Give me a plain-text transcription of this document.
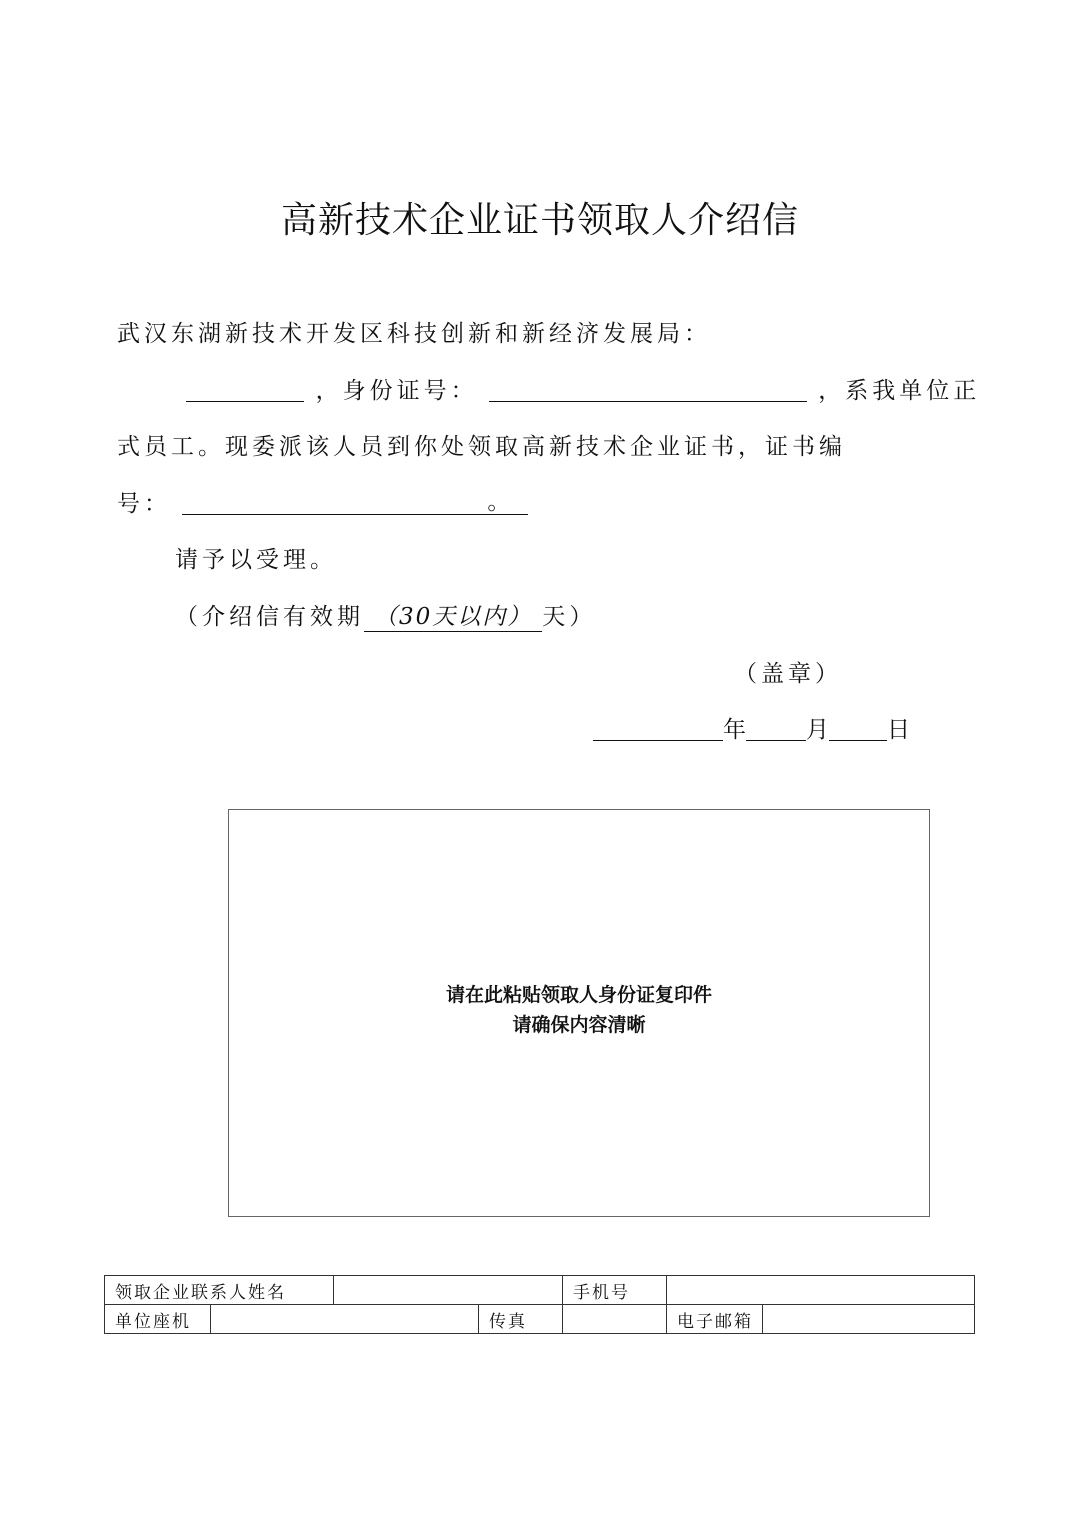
高新技术企业证书领取人介绍信
武汉东湖新技术开发区科技创新和新经济发展局：
，身份证号：	，系我单位正
式员工。现委派该人员到你处领取高新技术企业证书，证书编
号：	。
请予以受理。
（介绍信有效期 （30天以内） 天）
（盖章）
年	月	日
请在此粘贴领取人身份证复印件
请确保内容清晰
领取企业联系人姓名				手机号		
单位座机			传真		电子邮箱	
